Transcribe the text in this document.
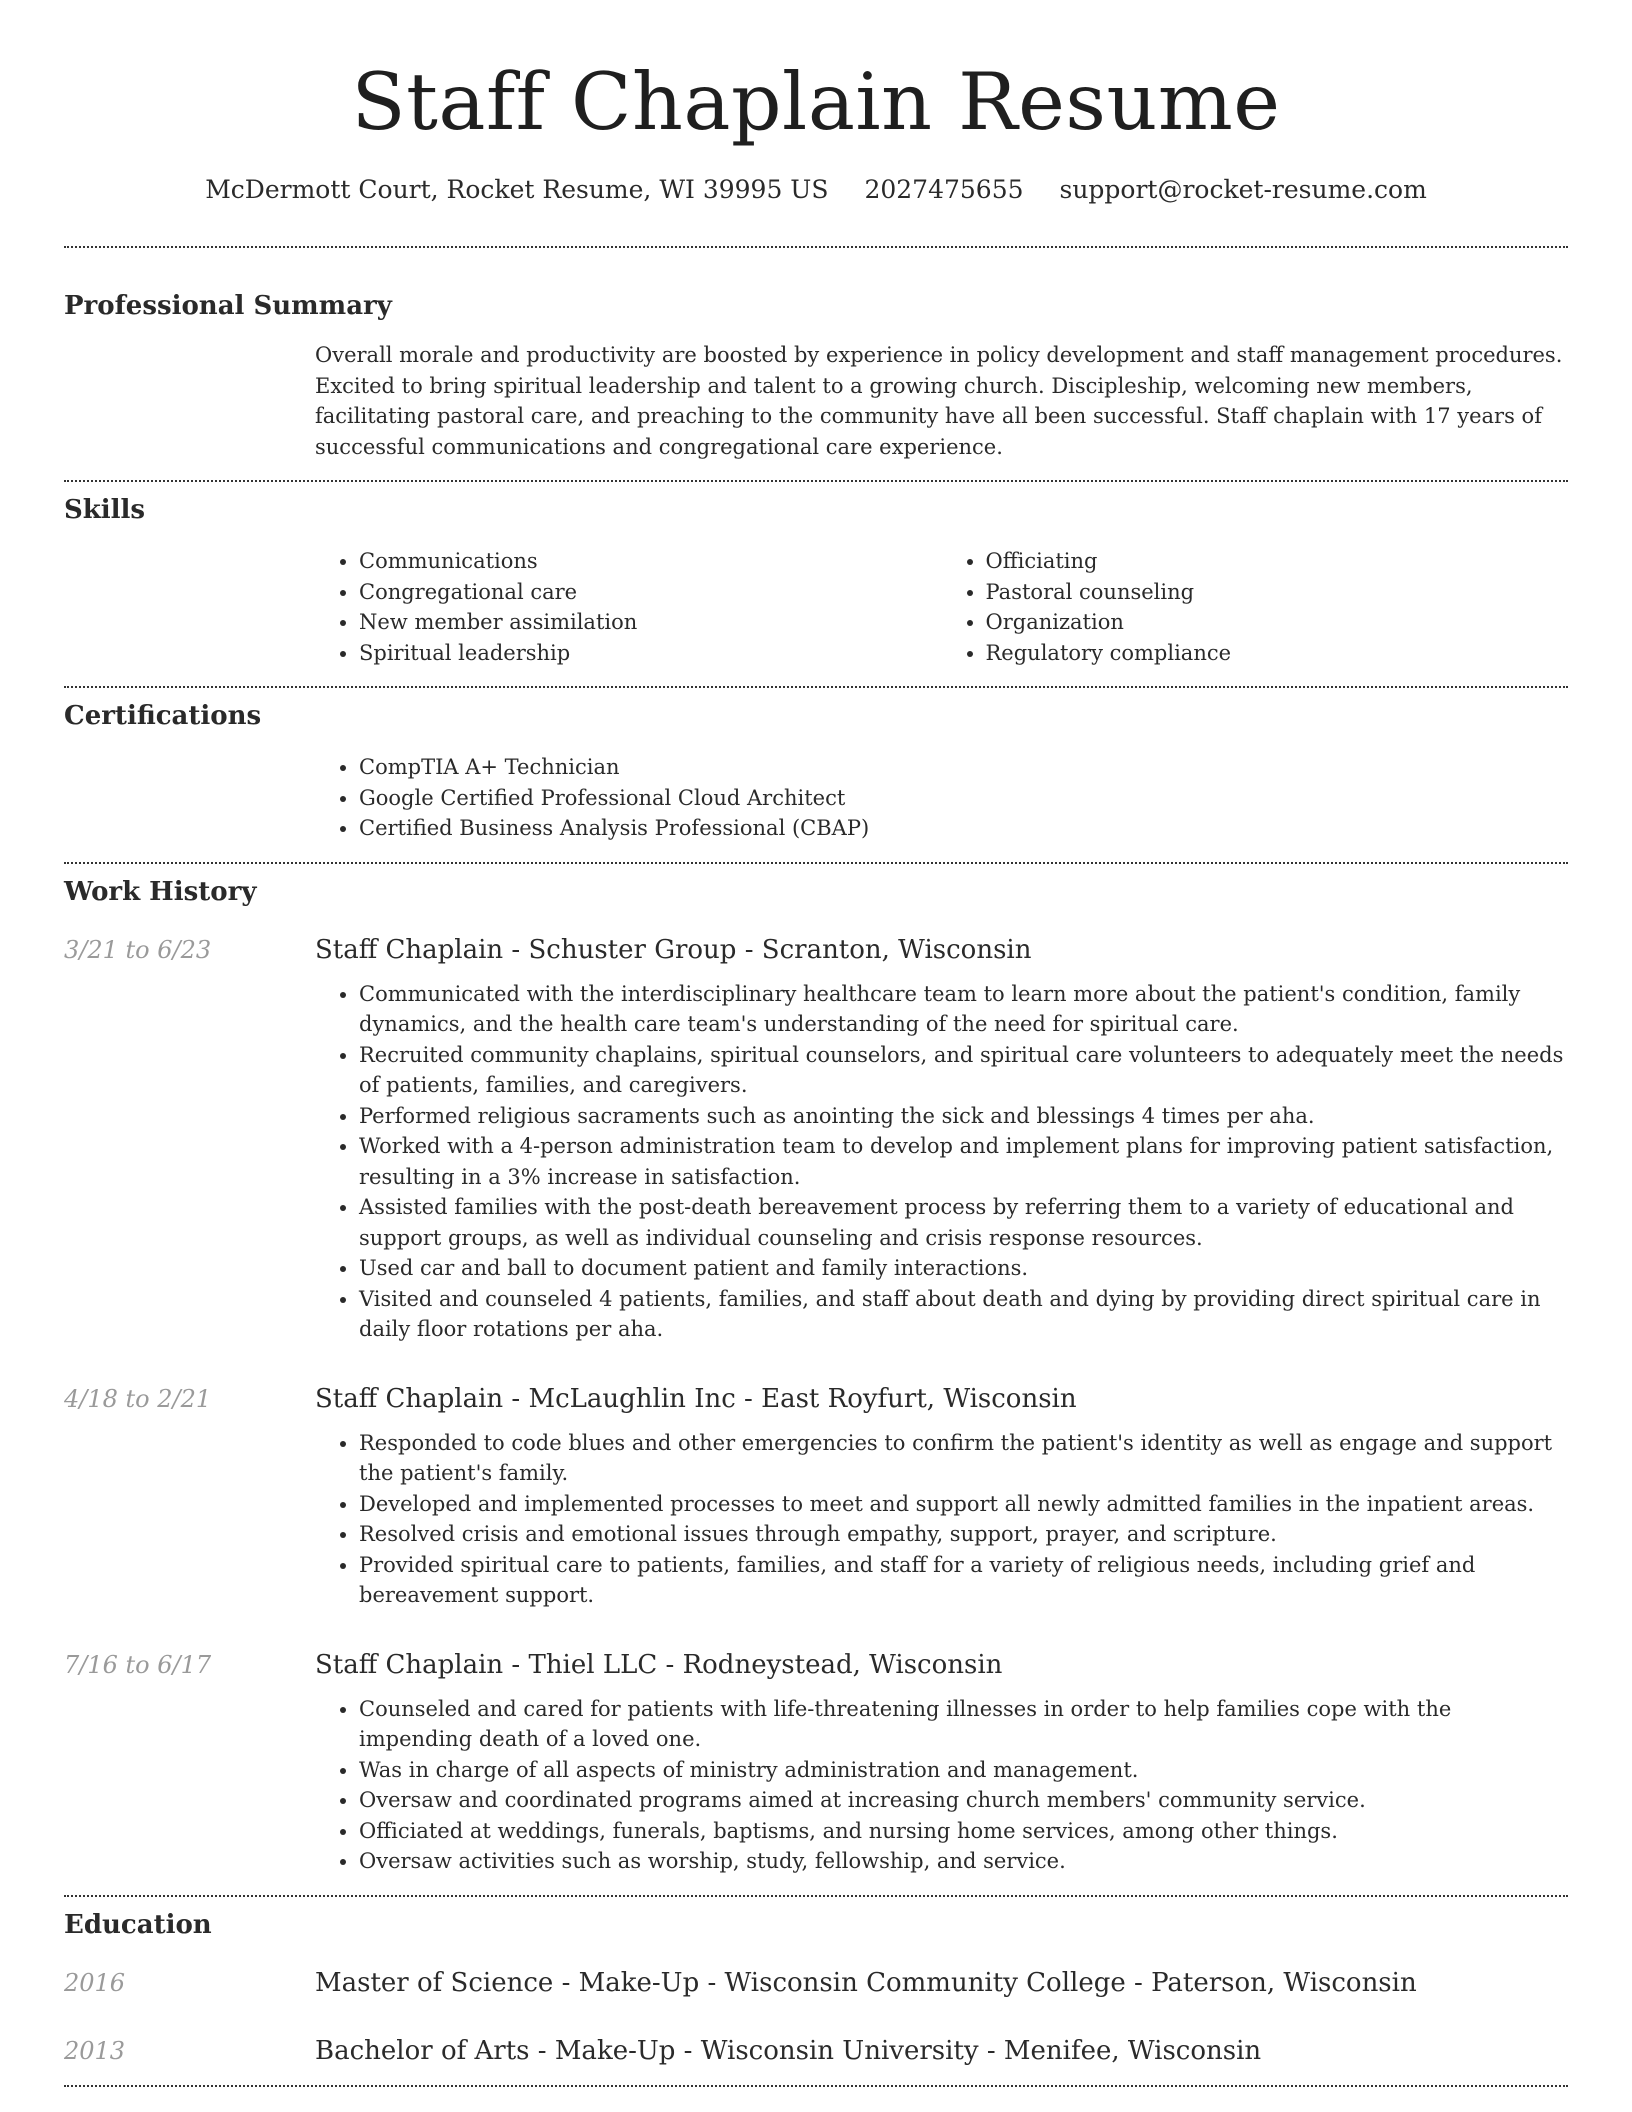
Staff Chaplain Resume
McDermott Court, Rocket Resume, WI 39995 US 2027475655 support@rocket-resume.com
Professional Summary

Overall morale and productivity are boosted by experience in policy development and staff management procedures. Excited to bring spiritual leadership and talent to a growing church. Discipleship, welcoming new members, facilitating pastoral care, and preaching to the community have all been successful. Staff chaplain with 17 years of successful communications and congregational care experience.

Skills
• Communications
• Congregational care
• New member assimilation
• Spiritual leadership
• Officiating
• Pastoral counseling
• Organization
• Regulatory compliance
Certifications
• CompTIA A+ Technician
• Google Certified Professional Cloud Architect
• Certified Business Analysis Professional (CBAP)
Work History
3/21 to 6/23	Staff Chaplain - Schuster Group - Scranton, Wisconsin
• Communicated with the interdisciplinary healthcare team to learn more about the patient's condition, family dynamics, and the health care team's understanding of the need for spiritual care.
• Recruited community chaplains, spiritual counselors, and spiritual care volunteers to adequately meet the needs of patients, families, and caregivers.
• Performed religious sacraments such as anointing the sick and blessings 4 times per aha.
• Worked with a 4-person administration team to develop and implement plans for improving patient satisfaction, resulting in a 3% increase in satisfaction.
• Assisted families with the post-death bereavement process by referring them to a variety of educational and support groups, as well as individual counseling and crisis response resources.
• Used car and ball to document patient and family interactions.
• Visited and counseled 4 patients, families, and staff about death and dying by providing direct spiritual care in daily floor rotations per aha.
4/18 to 2/21	Staff Chaplain - McLaughlin Inc - East Royfurt, Wisconsin
• Responded to code blues and other emergencies to confirm the patient's identity as well as engage and support the patient's family.
• Developed and implemented processes to meet and support all newly admitted families in the inpatient areas.
• Resolved crisis and emotional issues through empathy, support, prayer, and scripture.
• Provided spiritual care to patients, families, and staff for a variety of religious needs, including grief and bereavement support.
7/16 to 6/17	Staff Chaplain - Thiel LLC - Rodneystead, Wisconsin
• Counseled and cared for patients with life-threatening illnesses in order to help families cope with the impending death of a loved one.
• Was in charge of all aspects of ministry administration and management.
• Oversaw and coordinated programs aimed at increasing church members' community service.
• Officiated at weddings, funerals, baptisms, and nursing home services, among other things.
• Oversaw activities such as worship, study, fellowship, and service.
Education
2016	Master of Science - Make-Up - Wisconsin Community College - Paterson, Wisconsin
2013	Bachelor of Arts - Make-Up - Wisconsin University - Menifee, Wisconsin
